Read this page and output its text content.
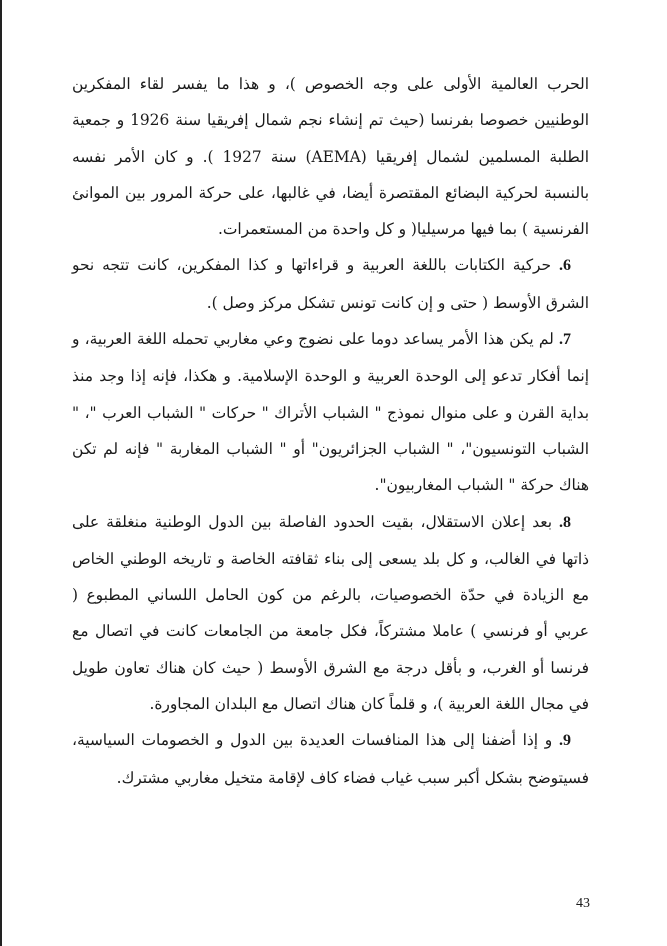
الحرب العالمية الأولى على وجه الخصوص )، و هذا ما يفسر لقاء المفكرين الوطنيين خصوصا بفرنسا (حيث تم إنشاء نجم شمال إفريقيا سنة 1926 و جمعية الطلبة المسلمين لشمال إفريقيا (AEMA) سنة 1927 ). و كان الأمر نفسه بالنسبة لحركية البضائع المقتصرة أيضا، في غالبها، على حركة المرور بين الموانئ الفرنسية ) بما فيها مرسيليا( و كل واحدة من المستعمرات.

6. حركية الكتابات باللغة العربية و قراءاتها و كذا المفكرين، كانت تتجه نحو الشرق الأوسط ( حتى و إن كانت تونس تشكل مركز وصل ).

7. لم يكن هذا الأمر يساعد دوما على نضوج وعي مغاربي تحمله اللغة العربية، و إنما أفكار تدعو إلى الوحدة العربية و الوحدة الإسلامية. و هكذا، فإنه إذا وجد منذ بداية القرن و على منوال نموذج " الشباب الأتراك " حركات " الشباب العرب "، " الشباب التونسيون"، " الشباب الجزائريون" أو " الشباب المغاربة " فإنه لم تكن هناك حركة " الشباب المغاربيون".

8. بعد إعلان الاستقلال، بقيت الحدود الفاصلة بين الدول الوطنية منغلقة على ذاتها في الغالب، و كل بلد يسعى إلى بناء ثقافته الخاصة و تاريخه الوطني الخاص مع الزيادة في حدّة الخصوصيات، بالرغم من كون الحامل اللساني المطبوع ( عربي أو فرنسي ) عاملا مشتركاً، فكل جامعة من الجامعات كانت في اتصال مع فرنسا أو الغرب، و بأقل درجة مع الشرق الأوسط ( حيث كان هناك تعاون طويل في مجال اللغة العربية )، و قلماً كان هناك اتصال مع البلدان المجاورة.

9. و إذا أضفنا إلى هذا المنافسات العديدة بين الدول و الخصومات السياسية، فسيتوضح بشكل أكبر سبب غياب فضاء كاف لإقامة متخيل مغاربي مشترك.

43
